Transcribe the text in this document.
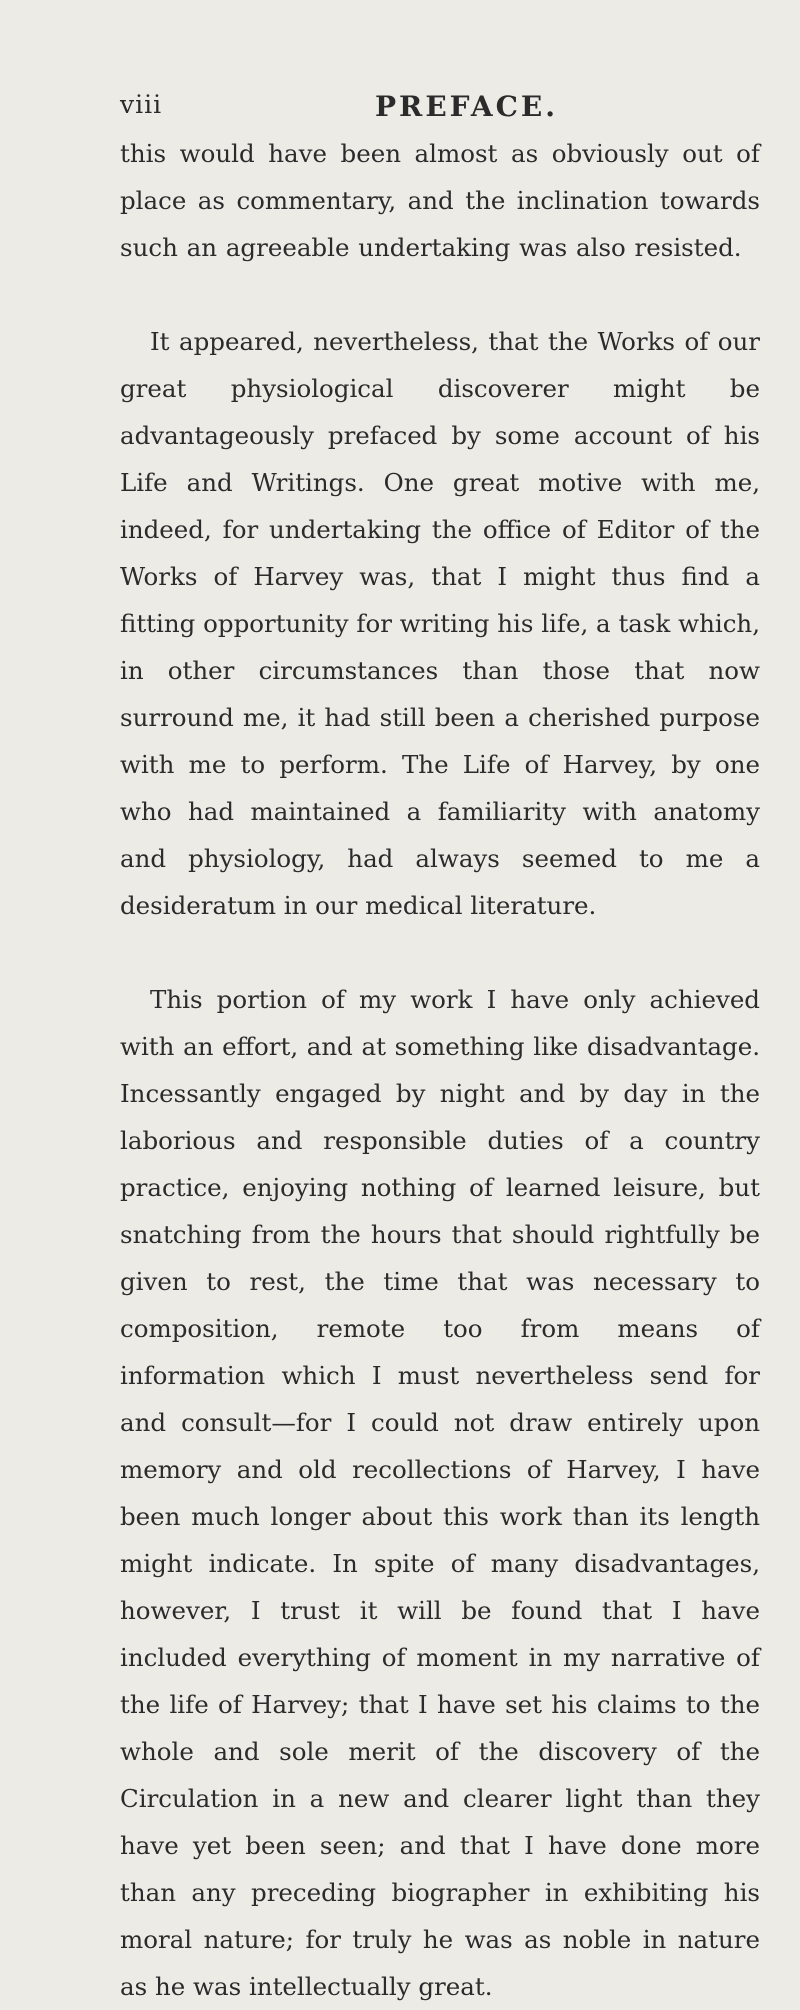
viii	PREFACE.

this would have been almost as obviously out of place as commentary, and the inclination towards such an agreeable undertaking was also resisted.

It appeared, nevertheless, that the Works of our great physiological discoverer might be advantageously prefaced by some account of his Life and Writings. One great motive with me, indeed, for undertaking the office of Editor of the Works of Harvey was, that I might thus find a fitting opportunity for writing his life, a task which, in other circumstances than those that now surround me, it had still been a cherished purpose with me to perform. The Life of Harvey, by one who had maintained a familiarity with anatomy and physiology, had always seemed to me a desideratum in our medical literature.

This portion of my work I have only achieved with an effort, and at something like disadvantage. Incessantly engaged by night and by day in the laborious and responsible duties of a country practice, enjoying nothing of learned leisure, but snatching from the hours that should rightfully be given to rest, the time that was necessary to composition, remote too from means of information which I must nevertheless send for and consult—for I could not draw entirely upon memory and old recollections of Harvey, I have been much longer about this work than its length might indicate. In spite of many disadvantages, however, I trust it will be found that I have included everything of moment in my narrative of the life of Harvey; that I have set his claims to the whole and sole merit of the discovery of the Circulation in a new and clearer light than they have yet been seen; and that I have done more than any preceding biographer in exhibiting his moral nature; for truly he was as noble in nature as he was intellectually great.
